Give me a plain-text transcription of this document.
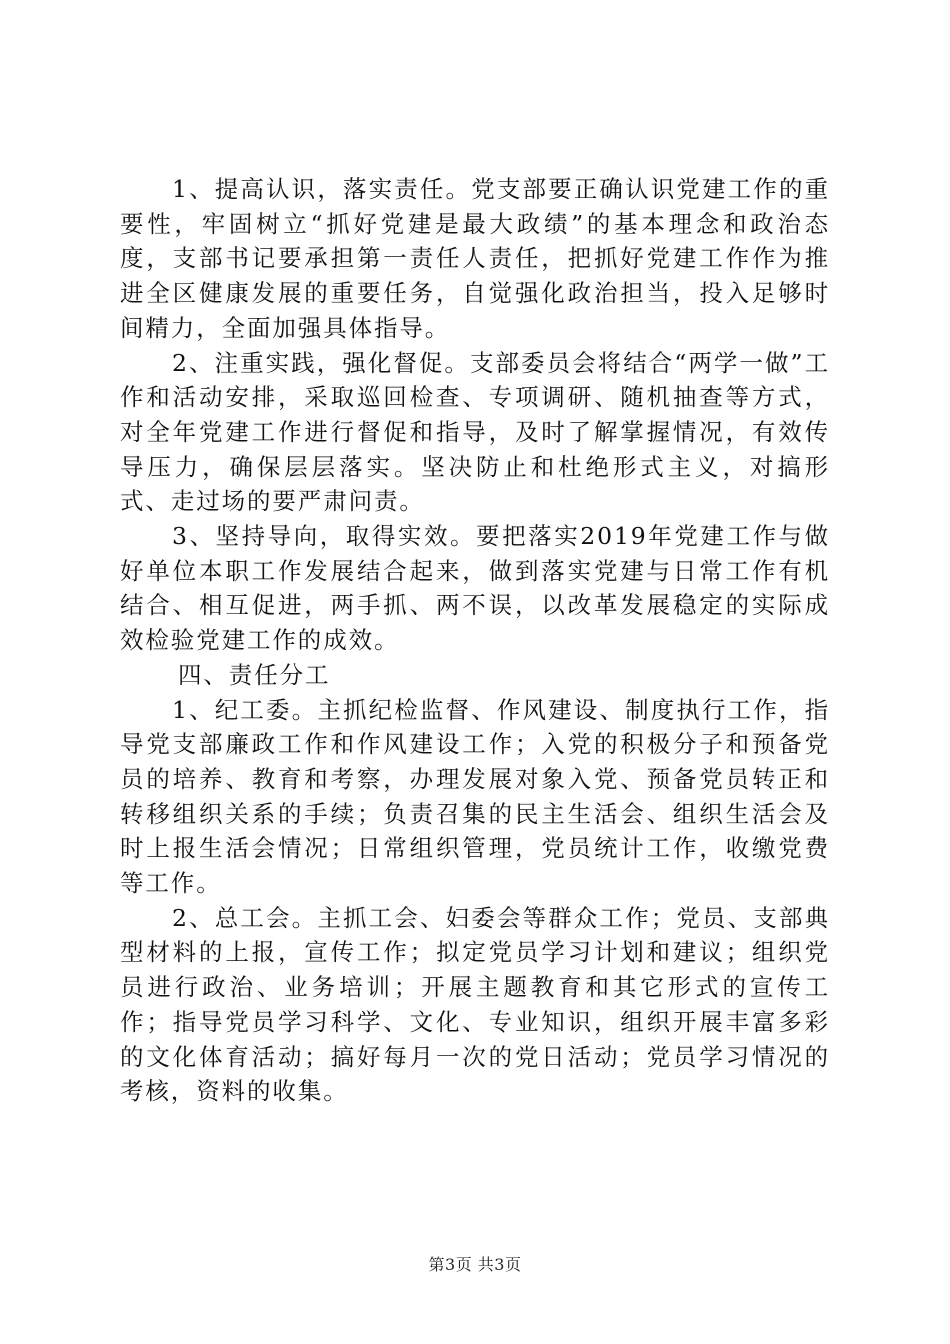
1、提高认识，落实责任。党支部要正确认识党建工作的重要性，牢固树立“抓好党建是最大政绩”的基本理念和政治态度，支部书记要承担第一责任人责任，把抓好党建工作作为推进全区健康发展的重要任务，自觉强化政治担当，投入足够时间精力，全面加强具体指导。

2、注重实践，强化督促。支部委员会将结合“两学一做”工作和活动安排，采取巡回检查、专项调研、随机抽查等方式，对全年党建工作进行督促和指导，及时了解掌握情况，有效传导压力，确保层层落实。坚决防止和杜绝形式主义，对搞形式、走过场的要严肃问责。

3、坚持导向，取得实效。要把落实2019年党建工作与做好单位本职工作发展结合起来，做到落实党建与日常工作有机结合、相互促进，两手抓、两不误，以改革发展稳定的实际成效检验党建工作的成效。

四、责任分工

1、纪工委。主抓纪检监督、作风建设、制度执行工作，指导党支部廉政工作和作风建设工作；入党的积极分子和预备党员的培养、教育和考察，办理发展对象入党、预备党员转正和转移组织关系的手续；负责召集的民主生活会、组织生活会及时上报生活会情况；日常组织管理，党员统计工作，收缴党费等工作。

2、总工会。主抓工会、妇委会等群众工作；党员、支部典型材料的上报，宣传工作；拟定党员学习计划和建议；组织党员进行政治、业务培训；开展主题教育和其它形式的宣传工作；指导党员学习科学、文化、专业知识，组织开展丰富多彩的文化体育活动；搞好每月一次的党日活动；党员学习情况的考核，资料的收集。

第3页 共3页
